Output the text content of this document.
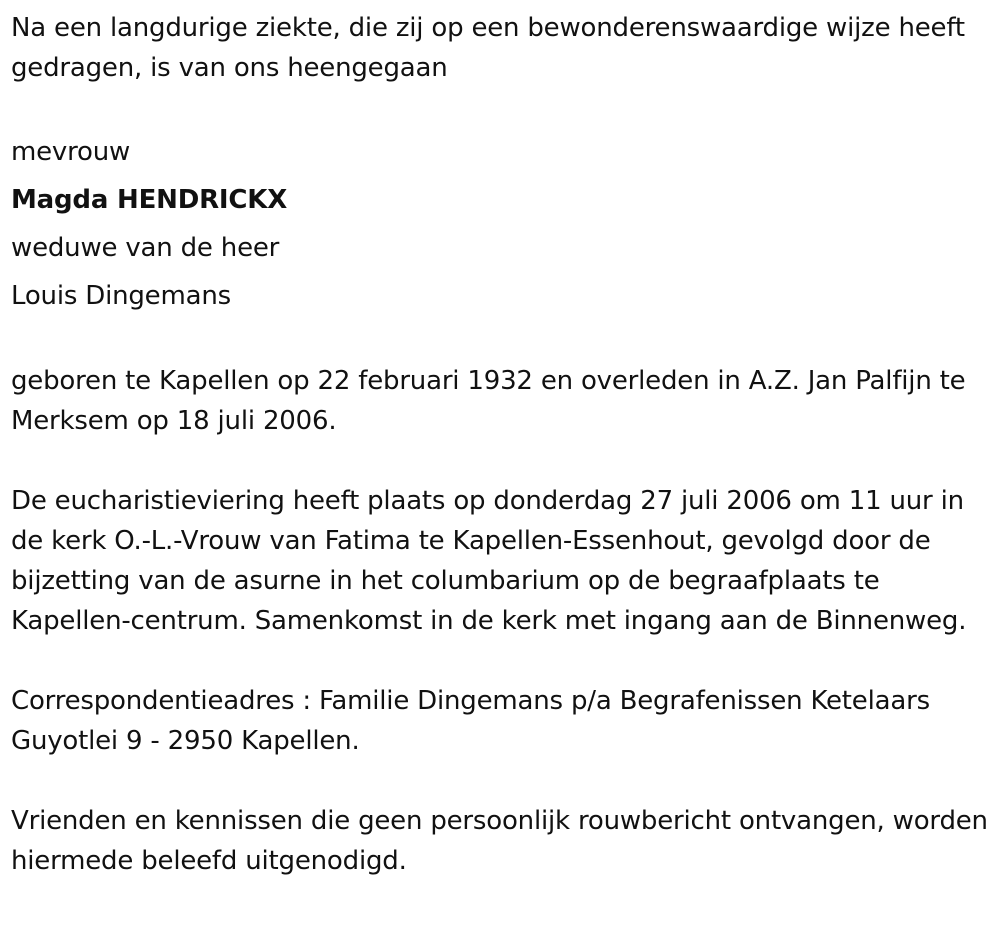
Na een langdurige ziekte, die zij op een bewonderenswaardige wijze heeft gedragen, is van ons heengegaan

mevrouw

Magda HENDRICKX

weduwe van de heer

Louis Dingemans

geboren te Kapellen op 22 februari 1932 en overleden in A.Z. Jan Palfijn te Merksem op 18 juli 2006.

De eucharistieviering heeft plaats op donderdag 27 juli 2006 om 11 uur in de kerk O.-L.-Vrouw van Fatima te Kapellen-Essenhout, gevolgd door de bijzetting van de asurne in het columbarium op de begraafplaats te Kapellen-centrum. Samenkomst in de kerk met ingang aan de Binnenweg.

Correspondentieadres : Familie Dingemans p/a Begrafenissen Ketelaars Guyotlei 9 - 2950 Kapellen.

Vrienden en kennissen die geen persoonlijk rouwbericht ontvangen, worden hiermede beleefd uitgenodigd.
